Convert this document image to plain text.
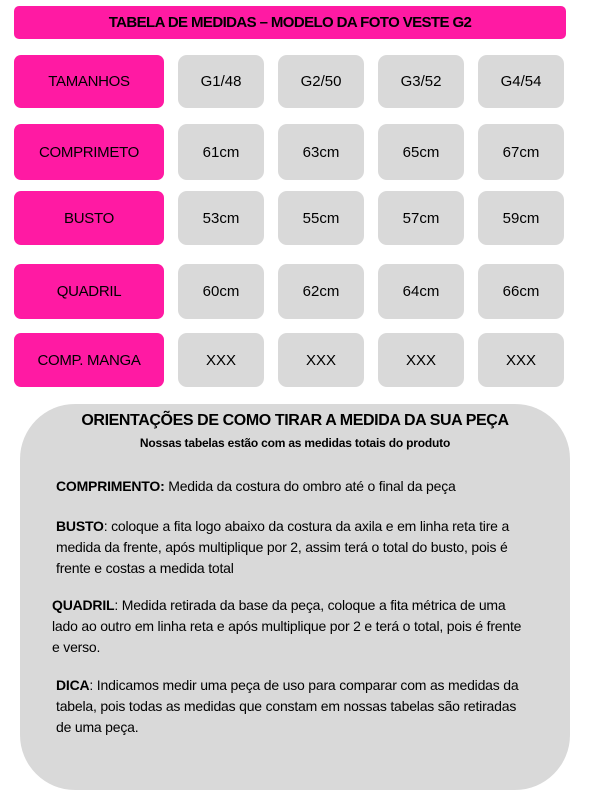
TABELA DE MEDIDAS – MODELO DA FOTO VESTE G2
TAMANHOS	G1/48	G2/50	G3/52	G4/54
COMPRIMETO	61cm	63cm	65cm	67cm
BUSTO	53cm	55cm	57cm	59cm
QUADRIL	60cm	62cm	64cm	66cm
COMP. MANGA	XXX	XXX	XXX	XXX
ORIENTAÇÕES DE COMO TIRAR A MEDIDA DA SUA PEÇA
Nossas tabelas estão com as medidas totais do produto
COMPRIMENTO: Medida da costura do ombro até o final da peça
BUSTO: coloque a fita logo abaixo da costura da axila e em linha reta tire a medida da frente, após multiplique por 2, assim terá o total do busto, pois é frente e costas a medida total
QUADRIL: Medida retirada da base da peça, coloque a fita métrica de uma lado ao outro em linha reta e após multiplique por 2 e terá o total, pois é frente e verso.
DICA: Indicamos medir uma peça de uso para comparar com as medidas da tabela, pois todas as medidas que constam em nossas tabelas são retiradas de uma peça.
